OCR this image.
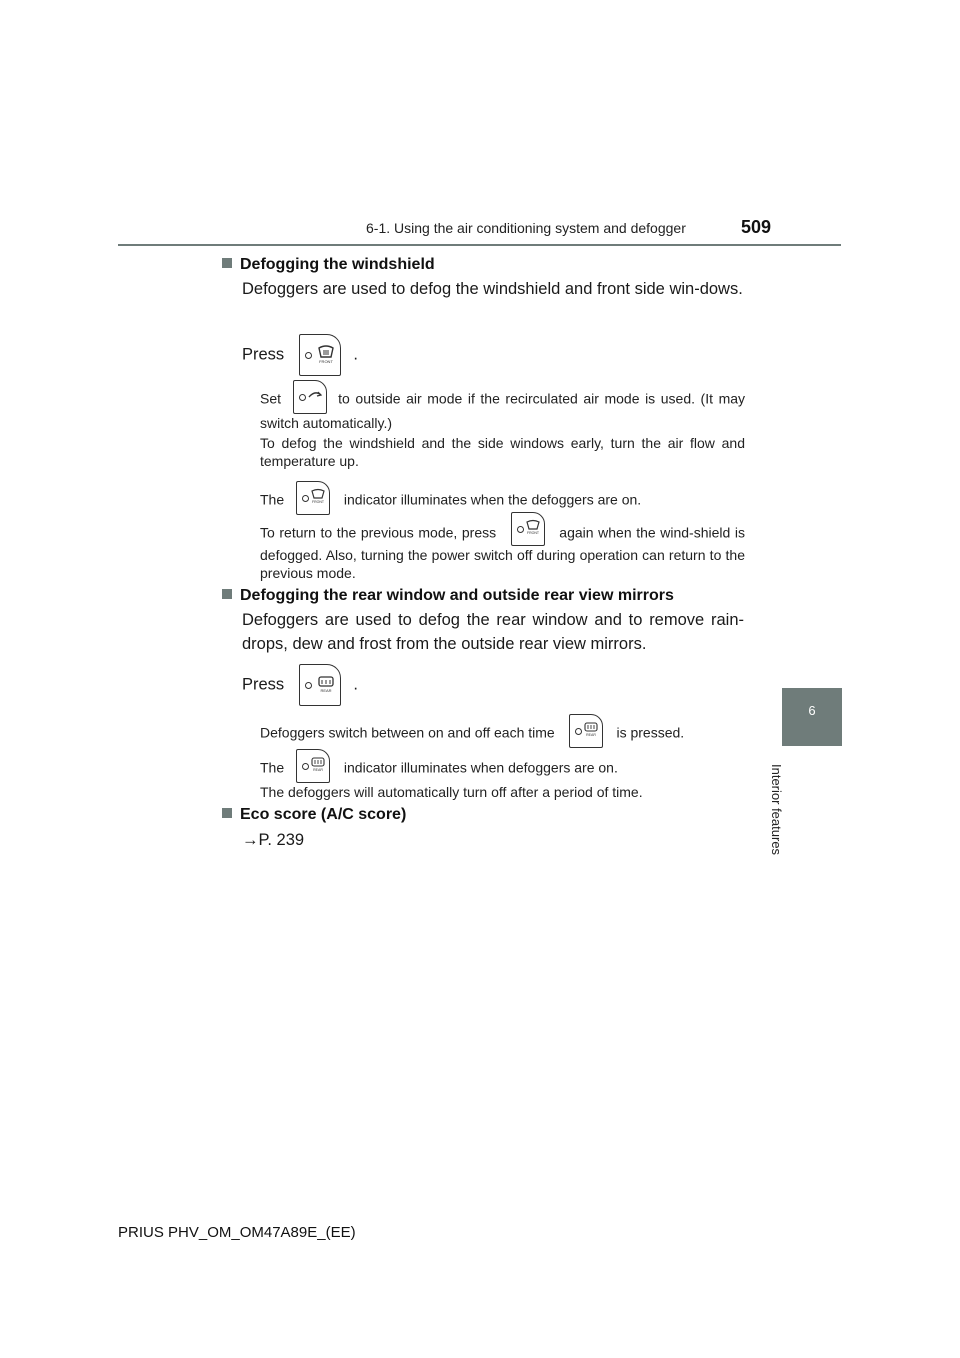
6-1. Using the air conditioning system and defogger	509
6
Interior features
Defogging the windshield
Defoggers are used to defog the windshield and front side win-dows.
Press	FRONT .
Set	to outside air mode if the recirculated air mode is used. (It may switch automatically.)
To defog the windshield and the side windows early, turn the air flow and temperature up.
The	FRONT indicator illuminates when the defoggers are on.
To return to the previous mode, press	FRONT again when the wind-shield is defogged. Also, turning the power switch off during operation can return to the previous mode.
Defogging the rear window and outside rear view mirrors
Defoggers are used to defog the rear window and to remove rain-drops, dew and frost from the outside rear view mirrors.
Press	REAR .
Defoggers switch between on and off each time	REAR is pressed.
The	REAR indicator illuminates when defoggers are on.
The defoggers will automatically turn off after a period of time.
Eco score (A/C score)
→P. 239
PRIUS PHV_OM_OM47A89E_(EE)
